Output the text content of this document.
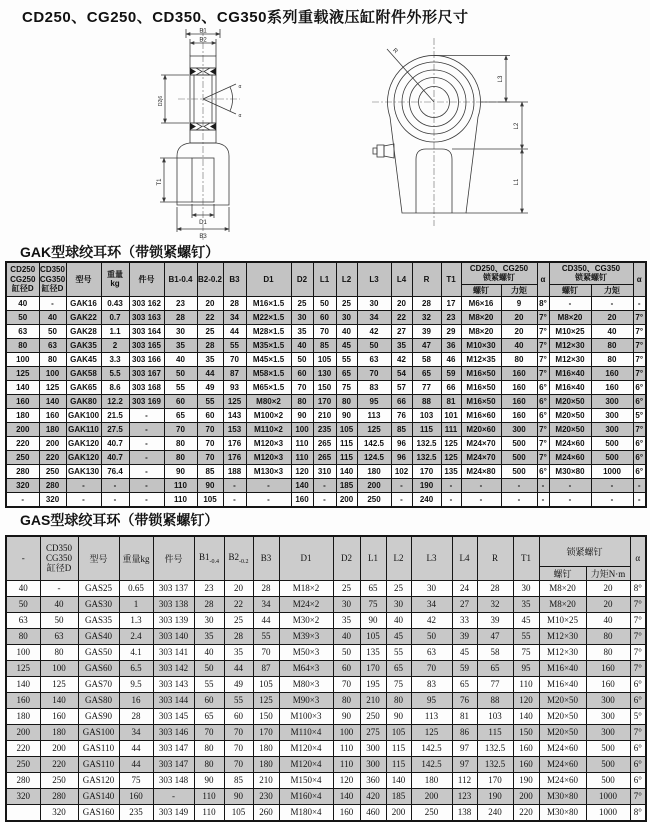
CD250、CG250、CD350、CG350系列重载液压缸附件外形尺寸
B1
B2
D2j6
α
α
T1
D1
B3
R
L3
L2
L1
GAK型球绞耳环（带锁紧螺钉）
CD250
CG250
缸径D

CD350
CG350
缸径D
	型号	
重量
kg	件号	B1-0.4	B2-0.2	B3	D1	D2	L1	L2	L3	L4	R	T1	
CD250、CG250
锁紧螺钉	α	
CD350、CG350
锁紧螺钉	α
																螺钉	力矩		螺钉	力矩	
40	-	GAK16	0.43	303 162	23	20	28	M16×1.5	25	50	25	30	20	28	17	M6×16	9	8°	-	-	-
50	40	GAK22	0.7	303 163	28	22	34	M22×1.5	30	60	30	34	22	32	23	M8×20	20	7°	M8×20	20	7°
63	50	GAK28	1.1	303 164	30	25	44	M28×1.5	35	70	40	42	27	39	29	M8×20	20	7°	M10×25	40	7°
80	63	GAK35	2	303 165	35	28	55	M35×1.5	40	85	45	50	35	47	36	M10×30	40	7°	M12×30	80	7°
100	80	GAK45	3.3	303 166	40	35	70	M45×1.5	50	105	55	63	42	58	46	M12×35	80	7°	M12×30	80	7°
125	100	GAK58	5.5	303 167	50	44	87	M58×1.5	60	130	65	70	54	65	59	M16×50	160	7°	M16×40	160	7°
140	125	GAK65	8.6	303 168	55	49	93	M65×1.5	70	150	75	83	57	77	66	M16×50	160	6°	M16×40	160	6°
160	140	GAK80	12.2	303 169	60	55	125	M80×2	80	170	80	95	66	88	81	M16×50	160	6°	M20×50	300	6°
180	160	GAK100	21.5	-	65	60	143	M100×2	90	210	90	113	76	103	101	M16×60	160	6°	M20×50	300	5°
200	180	GAK110	27.5	-	70	70	153	M110×2	100	235	105	125	85	115	111	M20×60	300	7°	M20×50	300	7°
220	200	GAK120	40.7	-	80	70	176	M120×3	110	265	115	142.5	96	132.5	125	M24×70	500	7°	M24×60	500	6°
250	220	GAK120	40.7	-	80	70	176	M120×3	110	265	115	124.5	96	132.5	125	M24×70	500	7°	M24×60	500	6°
280	250	GAK130	76.4	-	90	85	188	M130×3	120	310	140	180	102	170	135	M24×80	500	6°	M30×80	1000	6°
320	280	-	-	-	110	90	-	-	140	-	185	200	-	190	-	-	-	-	-	-	-
-	320	-	-	-	110	105	-	-	160	-	200	250	-	240	-	-	-	-	-	-	-
GAS型球绞耳环（带锁紧螺钉）
-	CD350
CG350
缸径D	型号	重量kg	件号	$B1_{-0.4}$	$B2_{-0.2}$	B3	D1	D2	L1	L2	L3	L4	R	T1	锁紧螺钉		α
																螺钉	力矩N·m	
40	-	GAS25	0.65	303 137	23	20	28	M18×2	25	65	25	30	24	28	30	M8×20	20	8°
50	40	GAS30	1	303 138	28	22	34	M24×2	30	75	30	34	27	32	35	M8×20	20	7°
63	50	GAS35	1.3	303 139	30	25	44	M30×2	35	90	40	42	33	39	45	M10×25	40	7°
80	63	GAS40	2.4	303 140	35	28	55	M39×3	40	105	45	50	39	47	55	M12×30	80	7°
100	80	GAS50	4.1	303 141	40	35	70	M50×3	50	135	55	63	45	58	75	M12×30	80	7°
125	100	GAS60	6.5	303 142	50	44	87	M64×3	60	170	65	70	59	65	95	M16×40	160	7°
140	125	GAS70	9.5	303 143	55	49	105	M80×3	70	195	75	83	65	77	110	M16×40	160	6°
160	140	GAS80	16	303 144	60	55	125	M90×3	80	210	80	95	76	88	120	M20×50	300	6°
180	160	GAS90	28	303 145	65	60	150	M100×3	90	250	90	113	81	103	140	M20×50	300	5°
200	180	GAS100	34	303 146	70	70	170	M110×4	100	275	105	125	86	115	150	M20×50	300	7°
220	200	GAS110	44	303 147	80	70	180	M120×4	110	300	115	142.5	97	132.5	160	M24×60	500	6°
250	220	GAS110	44	303 147	80	70	180	M120×4	110	300	115	142.5	97	132.5	160	M24×60	500	6°
280	250	GAS120	75	303 148	90	85	210	M150×4	120	360	140	180	112	170	190	M24×60	500	6°
320	280	GAS140	160	-	110	90	230	M160×4	140	420	185	200	123	190	200	M30×80	1000	7°
	320	GAS160	235	303 149	110	105	260	M180×4	160	460	200	250	138	240	220	M30×80	1000	8°
